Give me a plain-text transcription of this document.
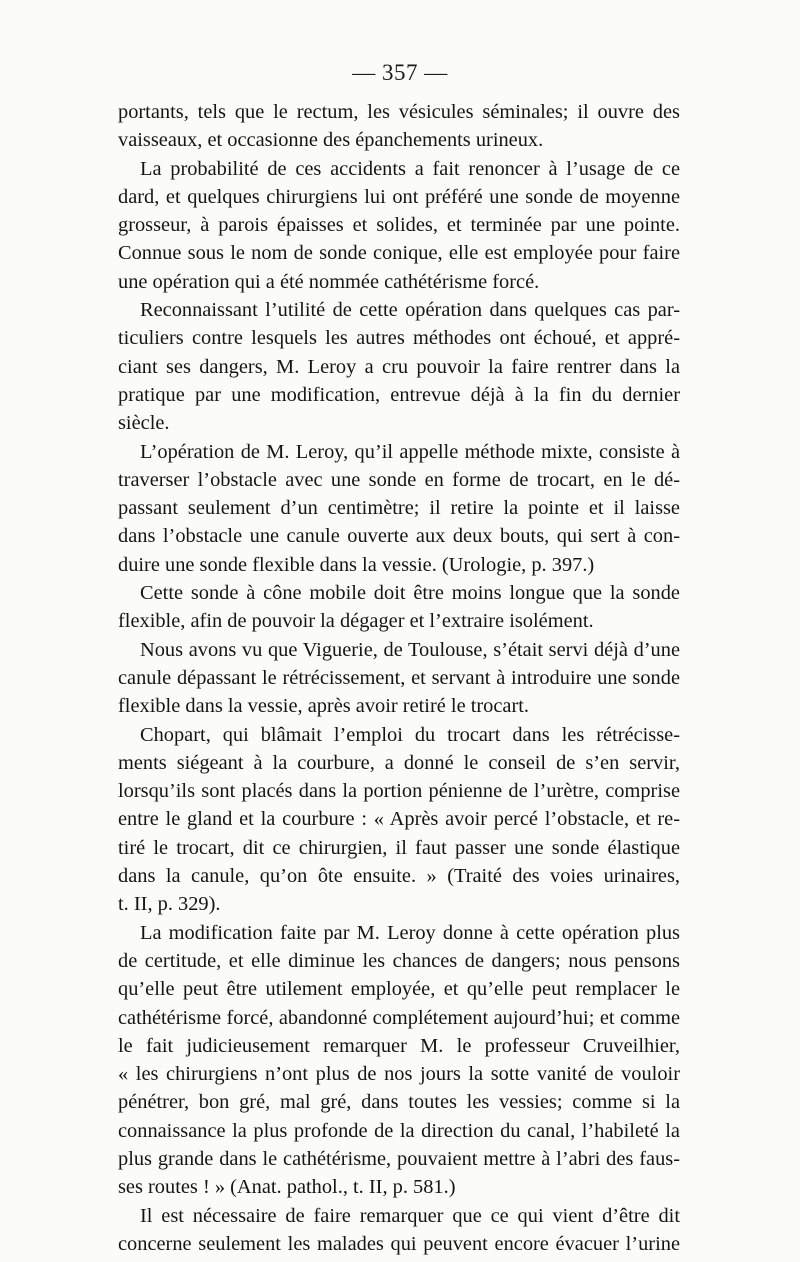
— 357 —
portants, tels que le rectum, les vésicules séminales; il ouvre des
vaisseaux, et occasionne des épanchements urineux.
La probabilité de ces accidents a fait renoncer à l’usage de ce
dard, et quelques chirurgiens lui ont préféré une sonde de moyenne
grosseur, à parois épaisses et solides, et terminée par une pointe.
Connue sous le nom de sonde conique, elle est employée pour faire
une opération qui a été nommée cathétérisme forcé.
Reconnaissant l’utilité de cette opération dans quelques cas par-
ticuliers contre lesquels les autres méthodes ont échoué, et appré-
ciant ses dangers, M. Leroy a cru pouvoir la faire rentrer dans la
pratique par une modification, entrevue déjà à la fin du dernier
siècle.
L’opération de M. Leroy, qu’il appelle méthode mixte, consiste à
traverser l’obstacle avec une sonde en forme de trocart, en le dé-
passant seulement d’un centimètre; il retire la pointe et il laisse
dans l’obstacle une canule ouverte aux deux bouts, qui sert à con-
duire une sonde flexible dans la vessie. (Urologie, p. 397.)
Cette sonde à cône mobile doit être moins longue que la sonde
flexible, afin de pouvoir la dégager et l’extraire isolément.
Nous avons vu que Viguerie, de Toulouse, s’était servi déjà d’une
canule dépassant le rétrécissement, et servant à introduire une sonde
flexible dans la vessie, après avoir retiré le trocart.
Chopart, qui blâmait l’emploi du trocart dans les rétrécisse-
ments siégeant à la courbure, a donné le conseil de s’en servir,
lorsqu’ils sont placés dans la portion pénienne de l’urètre, comprise
entre le gland et la courbure : « Après avoir percé l’obstacle, et re-
tiré le trocart, dit ce chirurgien, il faut passer une sonde élastique
dans la canule, qu’on ôte ensuite. » (Traité des voies urinaires,
t. II, p. 329).
La modification faite par M. Leroy donne à cette opération plus
de certitude, et elle diminue les chances de dangers; nous pensons
qu’elle peut être utilement employée, et qu’elle peut remplacer le
cathétérisme forcé, abandonné complétement aujourd’hui; et comme
le fait judicieusement remarquer M. le professeur Cruveilhier,
« les chirurgiens n’ont plus de nos jours la sotte vanité de vouloir
pénétrer, bon gré, mal gré, dans toutes les vessies; comme si la
connaissance la plus profonde de la direction du canal, l’habileté la
plus grande dans le cathétérisme, pouvaient mettre à l’abri des faus-
ses routes ! » (Anat. pathol., t. II, p. 581.)
Il est nécessaire de faire remarquer que ce qui vient d’être dit
concerne seulement les malades qui peuvent encore évacuer l’urine
